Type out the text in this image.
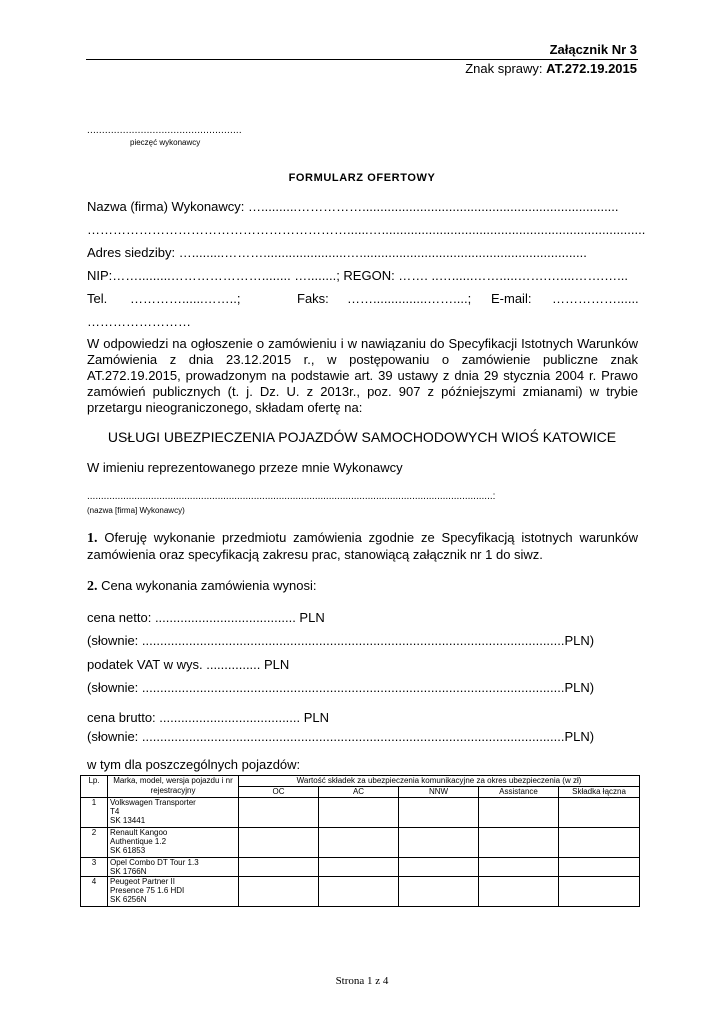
Załącznik Nr 3
Znak sprawy: AT.272.19.2015
....................................................
pieczęć wykonawcy
FORMULARZ OFERTOWY
Nazwa (firma) Wykonawcy: …..........…………….......................................................................
……………………………………………………......….........................................................................
Adres siedziby: ….........……….......................…...............................................................
NIP:…….........…………………........ …........; REGON: ……. ..…......…….....…….…....…….…...
Tel. …………......……..;	Faks: ……...............……....; E-mail: ……………......
……………………
W odpowiedzi na ogłoszenie o zamówieniu i w nawiązaniu do Specyfikacji Istotnych Warunków Zamówienia z dnia 23.12.2015 r., w postępowaniu o zamówienie publiczne znak AT.272.19.2015, prowadzonym na podstawie art. 39 ustawy z dnia 29 stycznia 2004 r. Prawo zamówień publicznych (t. j. Dz. U. z 2013r., poz. 907 z późniejszymi zmianami) w trybie przetargu nieograniczonego, składam ofertę na:
USŁUGI UBEZPIECZENIA POJAZDÓW SAMOCHODOWYCH WIOŚ KATOWICE
W imieniu reprezentowanego przeze mnie Wykonawcy
..................................................................................................................................................:
(nazwa [firma] Wykonawcy)
1. Oferuję wykonanie przedmiotu zamówienia zgodnie ze Specyfikacją istotnych warunków zamówienia oraz specyfikacją zakresu prac, stanowiącą załącznik nr 1 do siwz.
2. Cena wykonania zamówienia wynosi:
cena netto: ....................................... PLN
(słownie: .....................................................................................................................PLN)
podatek VAT w wys. ............... PLN
(słownie: .....................................................................................................................PLN)
cena brutto: ....................................... PLN
(słownie: .....................................................................................................................PLN)
w tym dla poszczególnych pojazdów:
Lp.	Marka, model, wersja pojazdu i nr rejestracyjny	Wartość składek za ubezpieczenia komunikacyjne za okres ubezpieczenia (w zł)				
		OC	AC	NNW	Assistance	Składka łączna
1	Volkswagen Transporter
T4
SK 13441					

2	Renault Kangoo
Authentique 1.2
SK 61853					

3	Opel Combo DT Tour 1.3
SK 1766N					

4	Peugeot Partner II
Presence 75 1.6 HDI
SK 6256N					

Strona 1 z 4
